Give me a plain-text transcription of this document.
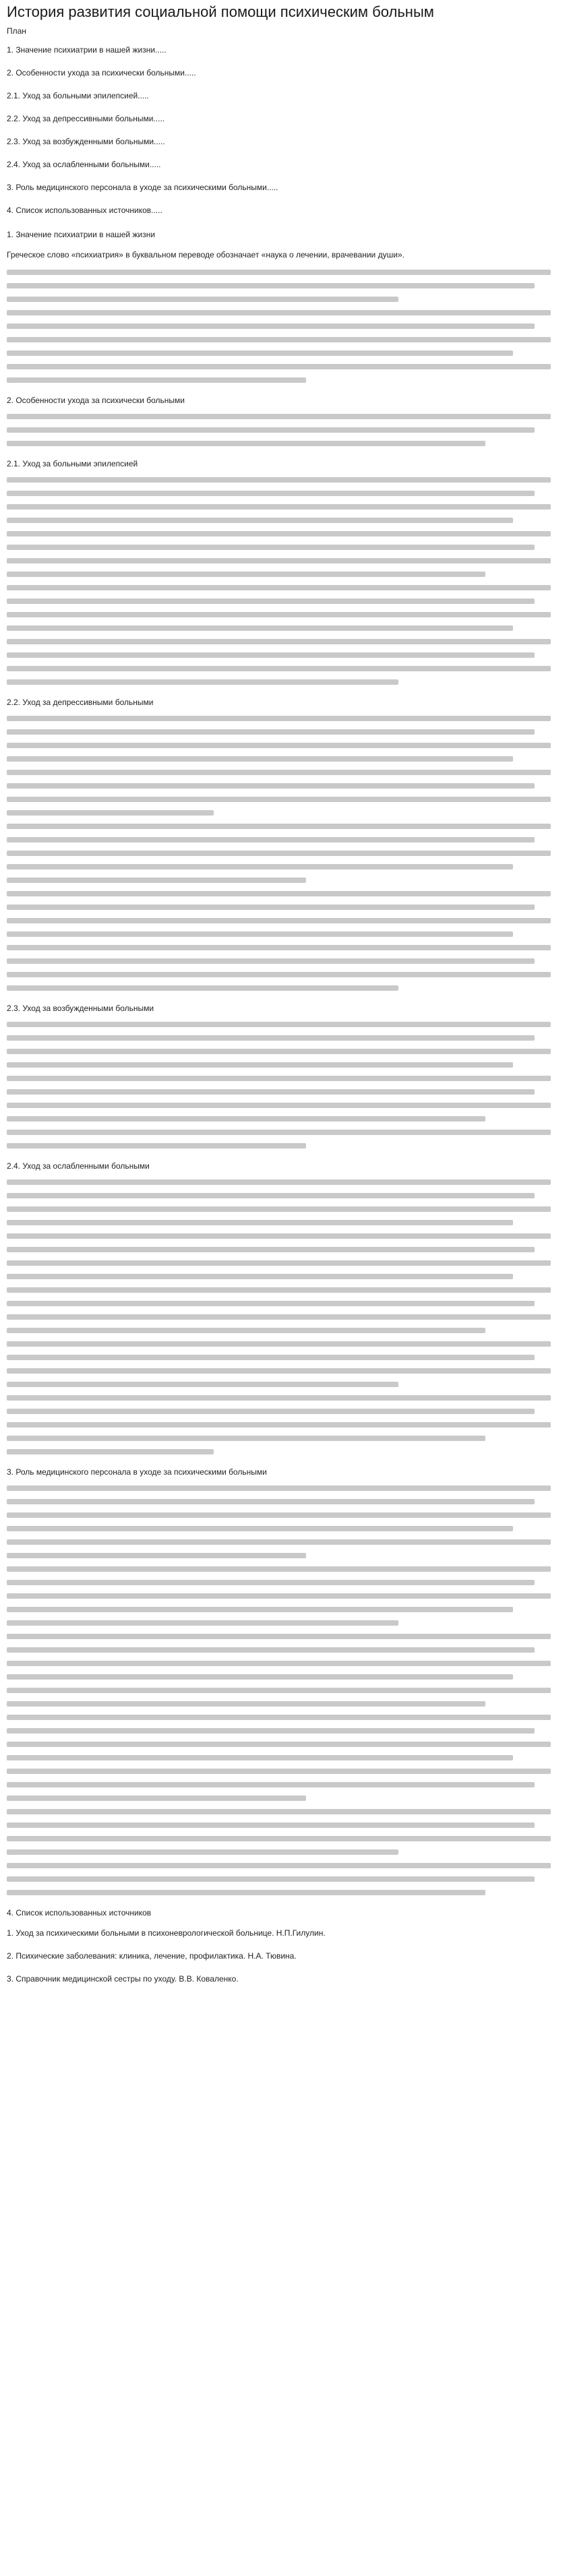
История развития социальной помощи психическим больным
План
1. Значение психиатрии в нашей жизни.....
2. Особенности ухода за психически больными.....
2.1. Уход за больными эпилепсией.....
2.2. Уход за депрессивными больными.....
2.3. Уход за возбужденными больными.....
2.4. Уход за ослабленными больными.....
3. Роль медицинского персонала в уходе за психическими больными.....
4. Список использованных источников.....
1. Значение психиатрии в нашей жизни

Греческое слово «психиатрия» в буквальном переводе обозначает «наука о лечении, врачевании души».

2. Особенности ухода за психически больными
2.1. Уход за больными эпилепсией
2.2. Уход за депрессивными больными
2.3. Уход за возбужденными больными
2.4. Уход за ослабленными больными
3. Роль медицинского персонала в уходе за психическими больными
4. Список использованных источников
1. Уход за психическими больными в психоневрологической больнице. Н.П.Гилулин.
2. Психические заболевания: клиника, лечение, профилактика. Н.А. Тювина.
3. Справочник медицинской сестры по уходу. В.В. Коваленко.
